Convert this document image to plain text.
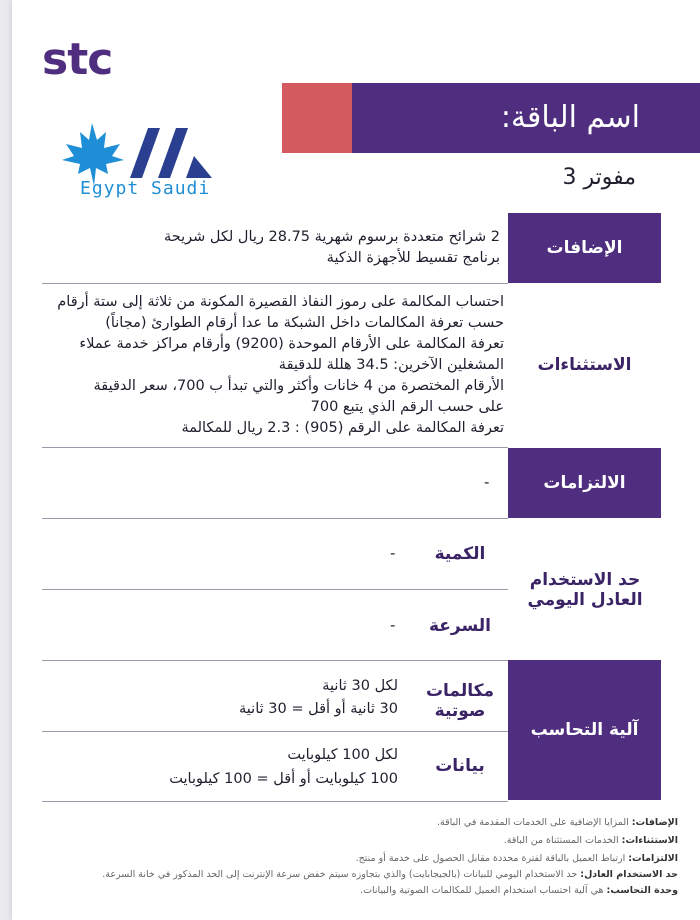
stc
Egypt Saudi
اسم الباقة:
مفوتر 3
الإضافات
2 شرائح متعددة برسوم شهرية 28.75 ريال لكل شريحة
برنامج تقسيط للأجهزة الذكية
الاستثناءات
احتساب المكالمة على رموز النفاذ القصيرة المكونة من ثلاثة إلى ستة أرقام
حسب تعرفة المكالمات داخل الشبكة ما عدا أرقام الطوارئ (مجاناً)
تعرفة المكالمة على الأرقام الموحدة (9200) وأرقام مراكز خدمة عملاء
المشغلين الآخرين: 34.5 هللة للدقيقة
الأرقام المختصرة من 4 خانات وأكثر والتي تبدأ ب 700، سعر الدقيقة
على حسب الرقم الذي يتبع 700
تعرفة المكالمة على الرقم (905) : 2.3 ريال للمكالمة
الالتزامات
-
حد الاستخدام العادل اليومي
الكمية
-
السرعة
-
آلية التحاسب
مكالمات صوتية
لكل 30 ثانية
30 ثانية أو أقل = 30 ثانية
بيانات
لكل 100 كيلوبايت
100 كيلوبايت أو أقل = 100 كيلوبايت
الإضافات: المزايا الإضافية على الخدمات المقدمة في الباقة.
الاستثناءات: الخدمات المستثناة من الباقة.
الالتزامات: ارتباط العميل بالباقة لفترة محددة مقابل الحصول على خدمة أو منتج.
حد الاستخدام العادل: حد الاستخدام اليومي للبيانات (بالجيجابايت) والذي بتجاوزه سيتم خفض سرعة الإنترنت إلى الحد المذكور في خانة السرعة.
وحدة التحاسب: هي آلية احتساب استخدام العميل للمكالمات الصوتية والبيانات.
